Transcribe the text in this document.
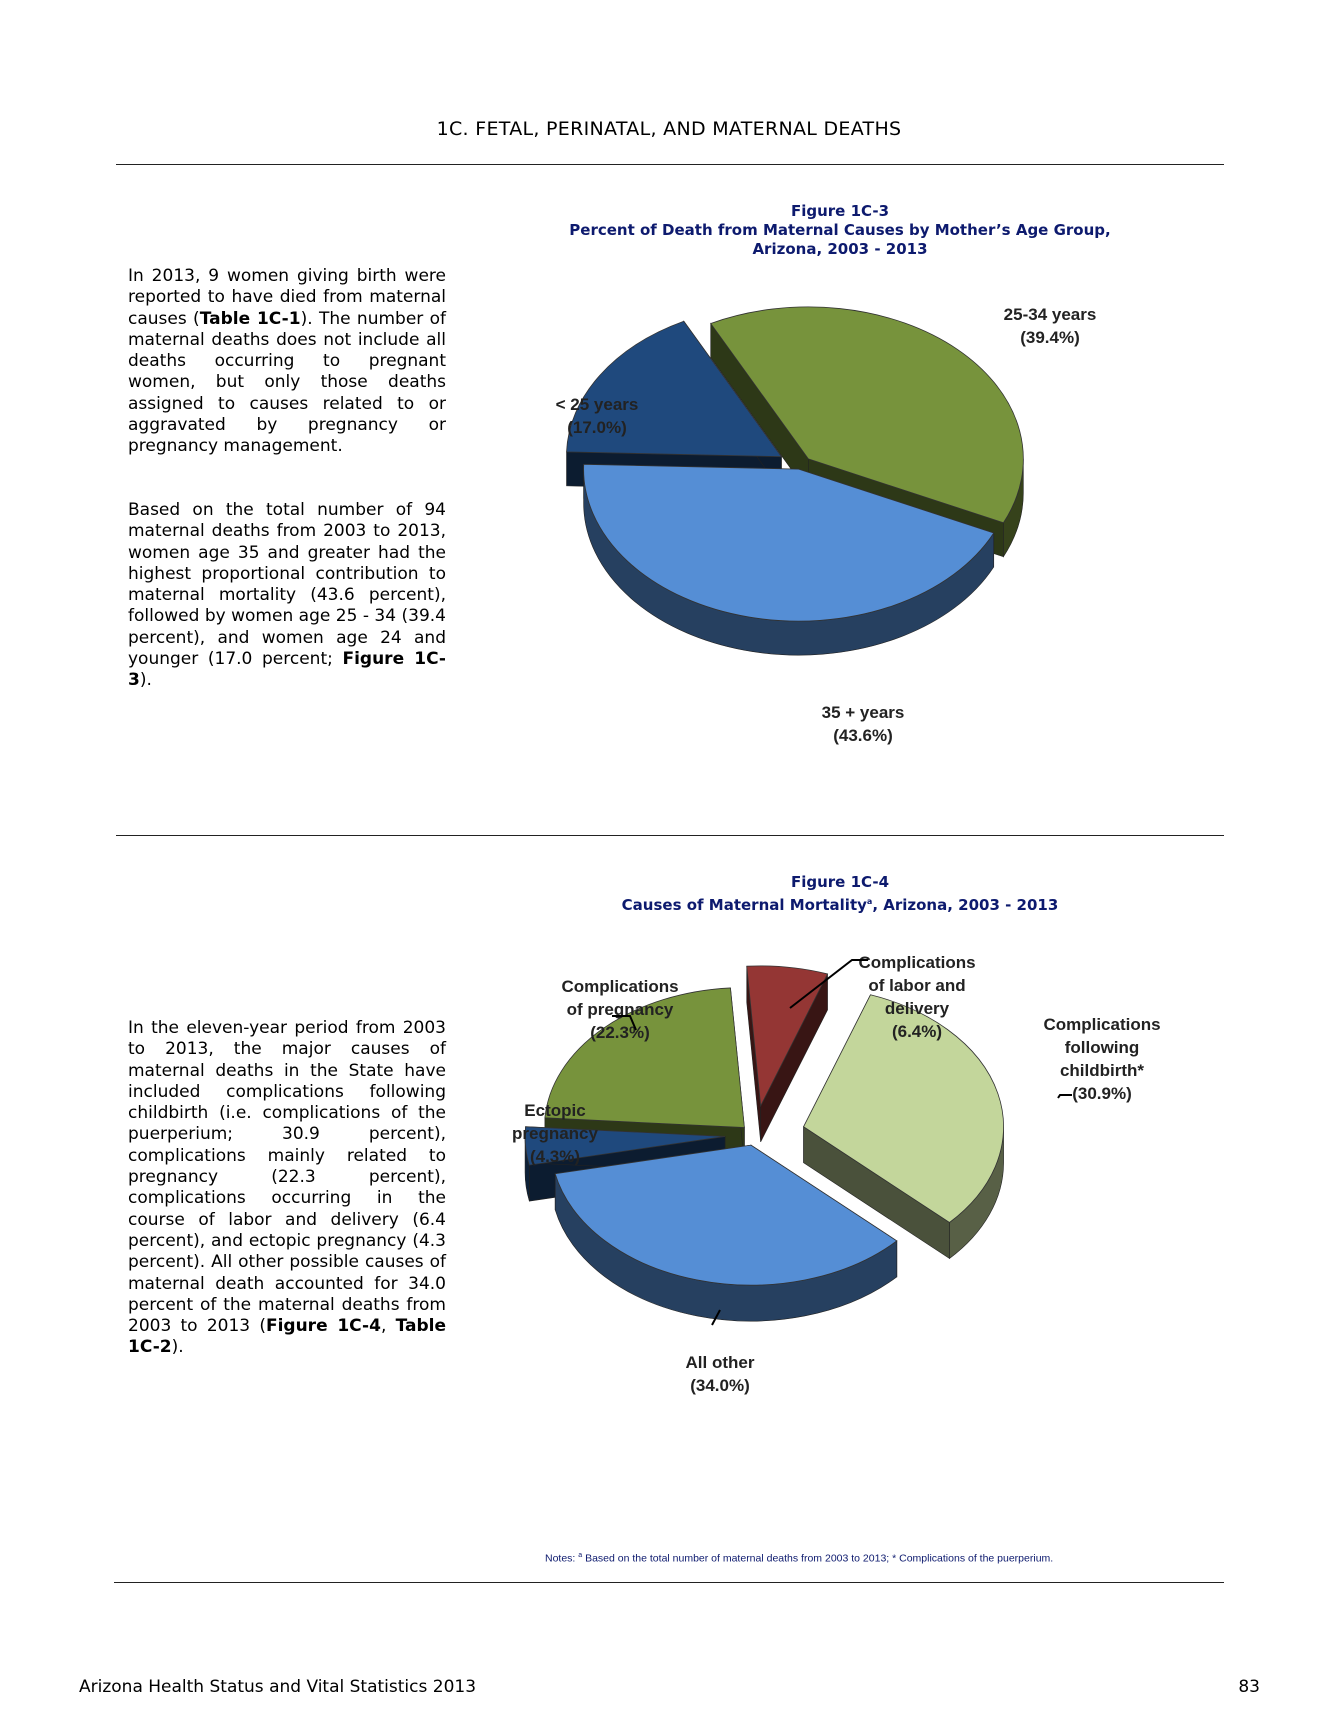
1C. FETAL, PERINATAL, AND MATERNAL DEATHS
In 2013, 9 women giving birth were reported to have died from maternal causes (Table 1C-1). The number of maternal deaths does not include all deaths occurring to pregnant women, but only those deaths assigned to causes related to or aggravated by pregnancy or pregnancy management.
Based on the total number of 94 maternal deaths from 2003 to 2013, women age 35 and greater had the highest proportional contribution to maternal mortality (43.6 percent), followed by women age 25 - 34 (39.4 percent), and women age 24 and younger (17.0 percent; Figure 1C-3).
Figure 1C-3
Percent of Death from Maternal Causes by Mother’s Age Group,
Arizona, 2003 - 2013
25-34 years
(39.4%)
35 + years
(43.6%)
< 25 years
(17.0%)
In the eleven-year period from 2003 to 2013, the major causes of maternal deaths in the State have included complications following childbirth (i.e. complications of the puerperium; 30.9 percent), complications mainly related to pregnancy (22.3 percent), complications occurring in the course of labor and delivery (6.4 percent), and ectopic pregnancy (4.3 percent). All other possible causes of maternal death accounted for 34.0 percent of the maternal deaths from 2003 to 2013 (Figure 1C-4, Table 1C-2).
Figure 1C-4
Causes of Maternal Mortality$^a$, Arizona, 2003 - 2013
Complications
of labor and
delivery
(6.4%)	Complications
following
childbirth*
(30.9%)
All other
(34.0%)
Ectopic
pregnancy
(4.3%)
Complications
of pregnancy
(22.3%)
Notes: $^a$ Based on the total number of maternal deaths from 2003 to 2013; * Complications of the puerperium.
Arizona Health Status and Vital Statistics 2013	83
